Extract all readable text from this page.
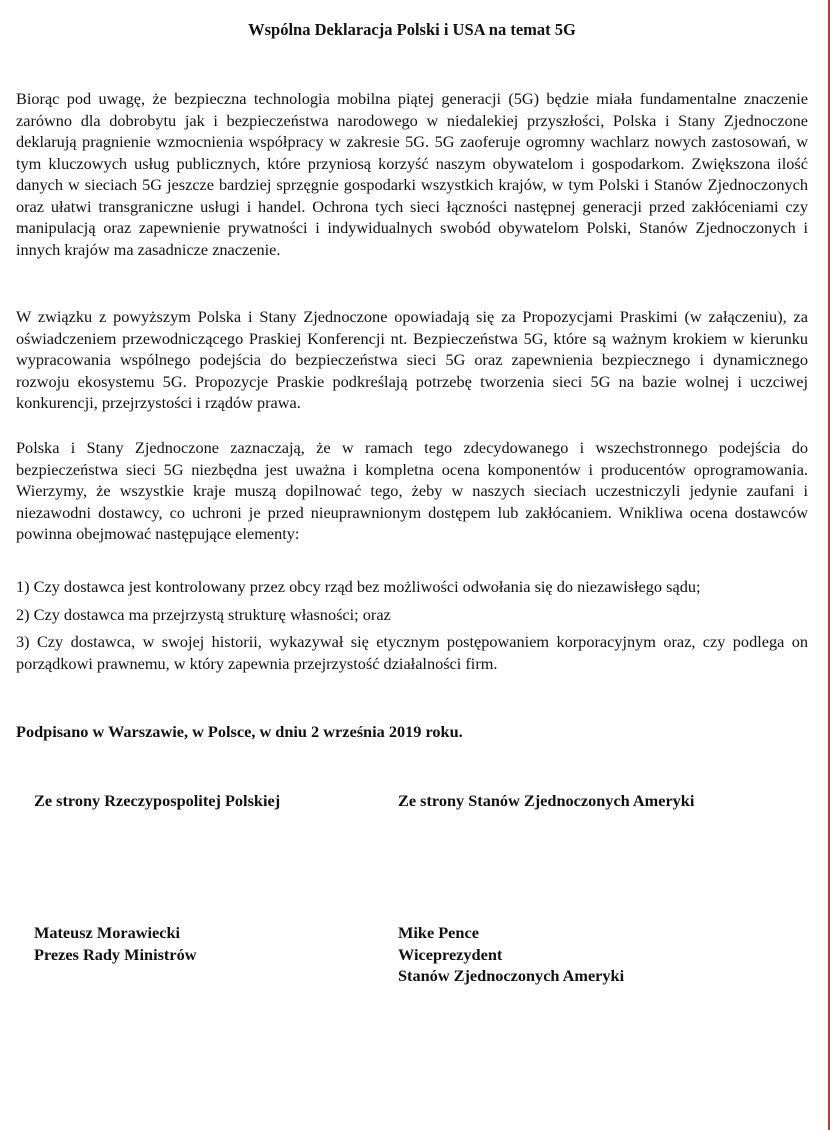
Wspólna Deklaracja Polski i USA na temat 5G

Biorąc pod uwagę, że bezpieczna technologia mobilna piątej generacji (5G) będzie miała fundamentalne znaczenie zarówno dla dobrobytu jak i bezpieczeństwa narodowego w niedalekiej przyszłości, Polska i Stany Zjednoczone deklarują pragnienie wzmocnienia współpracy w zakresie 5G. 5G zaoferuje ogromny wachlarz nowych zastosowań, w tym kluczowych usług publicznych, które przyniosą korzyść naszym obywatelom i gospodarkom. Zwiększona ilość danych w sieciach 5G jeszcze bardziej sprzęgnie gospodarki wszystkich krajów, w tym Polski i Stanów Zjednoczonych oraz ułatwi transgraniczne usługi i handel. Ochrona tych sieci łączności następnej generacji przed zakłóceniami czy manipulacją oraz zapewnienie prywatności i indywidualnych swobód obywatelom Polski, Stanów Zjednoczonych i innych krajów ma zasadnicze znaczenie.

W związku z powyższym Polska i Stany Zjednoczone opowiadają się za Propozycjami Praskimi (w załączeniu), za oświadczeniem przewodniczącego Praskiej Konferencji nt. Bezpieczeństwa 5G, które są ważnym krokiem w kierunku wypracowania wspólnego podejścia do bezpieczeństwa sieci 5G oraz zapewnienia bezpiecznego i dynamicznego rozwoju ekosystemu 5G. Propozycje Praskie podkreślają potrzebę tworzenia sieci 5G na bazie wolnej i uczciwej konkurencji, przejrzystości i rządów prawa.

Polska i Stany Zjednoczone zaznaczają, że w ramach tego zdecydowanego i wszechstronnego podejścia do bezpieczeństwa sieci 5G niezbędna jest uważna i kompletna ocena komponentów i producentów oprogramowania. Wierzymy, że wszystkie kraje muszą dopilnować tego, żeby w naszych sieciach uczestniczyli jedynie zaufani i niezawodni dostawcy, co uchroni je przed nieuprawnionym dostępem lub zakłócaniem. Wnikliwa ocena dostawców powinna obejmować następujące elementy:

1) Czy dostawca jest kontrolowany przez obcy rząd bez możliwości odwołania się do niezawisłego sądu;
2) Czy dostawca ma przejrzystą strukturę własności; oraz
3) Czy dostawca, w swojej historii, wykazywał się etycznym postępowaniem korporacyjnym oraz, czy podlega on porządkowi prawnemu, w który zapewnia przejrzystość działalności firm.
Podpisano w Warszawie, w Polsce, w dniu 2 września 2019 roku.
Ze strony Rzeczypospolitej Polskiej	Ze strony Stanów Zjednoczonych Ameryki
Mateusz Morawiecki
Prezes Rady Ministrów
Mike Pence
Wiceprezydent
Stanów Zjednoczonych Ameryki
